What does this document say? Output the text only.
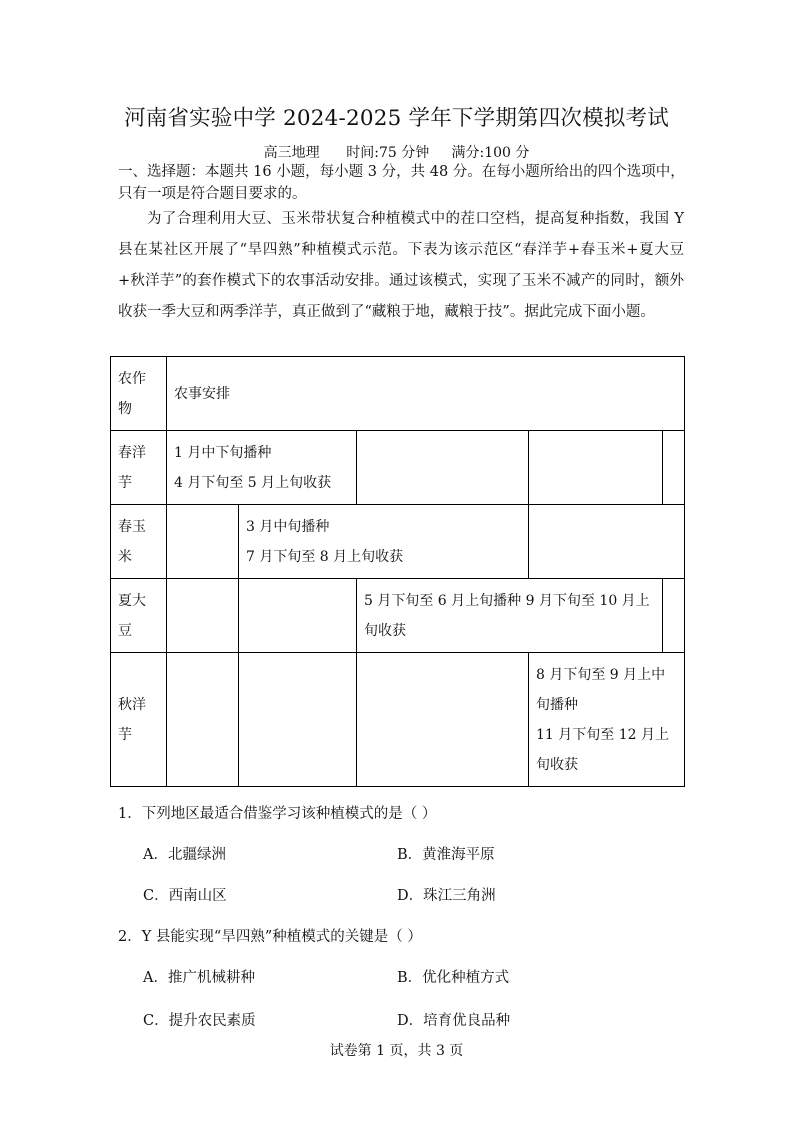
河南省实验中学 2024-2025 学年下学期第四次模拟考试
高三地理      时间:75 分钟     满分:100 分
一、选择题：本题共 16 小题，每小题 3 分，共 48 分。在每小题所给出的四个选项中，只有一项是符合题目要求的。
为了合理利用大豆、玉米带状复合种植模式中的茬口空档，提高复种指数，我国 Y 县在某社区开展了“旱四熟”种植模式示范。下表为该示范区“春洋芋+春玉米+夏大豆+秋洋芋”的套作模式下的农事活动安排。通过该模式，实现了玉米不减产的同时，额外收获一季大豆和两季洋芋，真正做到了“藏粮于地，藏粮于技”。据此完成下面小题。
农作物	农事安排				
春洋芋	1 月中下旬播种
4 月下旬至 5 月上旬收获				

春玉米		3 月中旬播种
7 月下旬至 8 月上旬收获			

夏大豆			5 月下旬至 6 月上旬播种 9 月下旬至 10 月上旬收获		
秋洋芋				8 月下旬至 9 月上中
旬播种
11 月下旬至 12 月上
旬收获	
1．下列地区最适合借鉴学习该种植模式的是（ ）
A．北疆绿洲	B．黄淮海平原
C．西南山区	D．珠江三角洲
2．Y 县能实现“旱四熟”种植模式的关键是（ ）
A．推广机械耕种	B．优化种植方式
C．提升农民素质	D．培育优良品种
试卷第 1 页，共 3 页
